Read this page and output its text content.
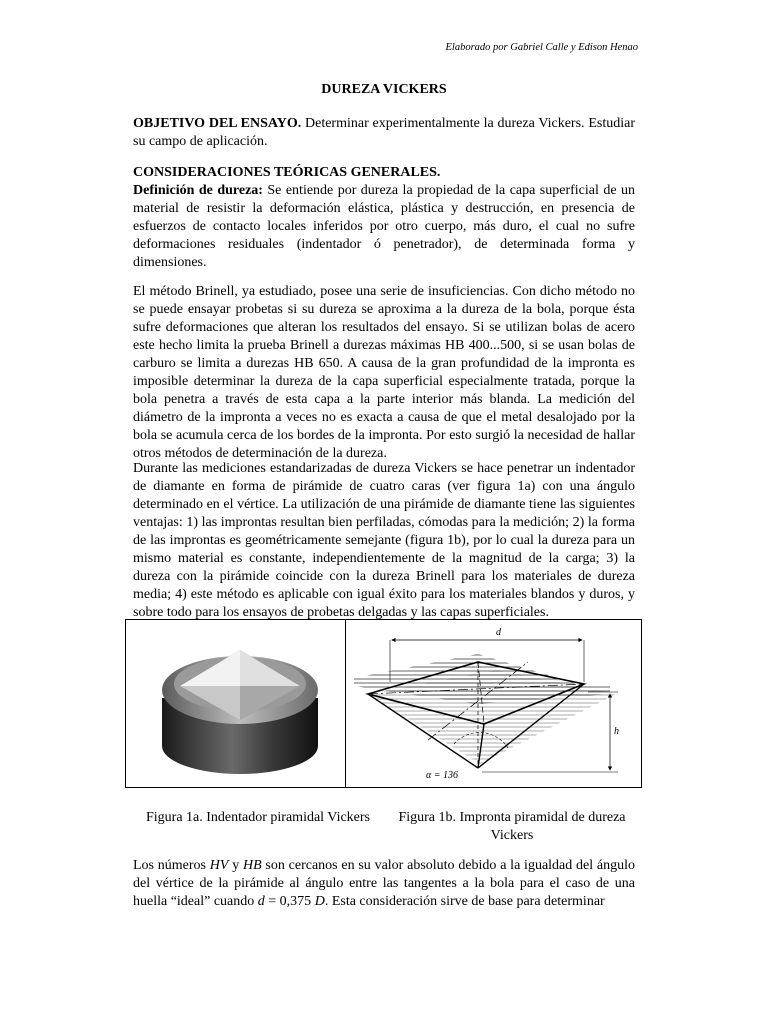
Elaborado por Gabriel Calle y Edison Henao
DUREZA VICKERS
OBJETIVO DEL ENSAYO. Determinar experimentalmente la dureza Vickers. Estudiar su campo de aplicación.
CONSIDERACIONES TEÓRICAS GENERALES.
Definición de dureza: Se entiende por dureza la propiedad de la capa superficial de un material de resistir la deformación elástica, plástica y destrucción, en presencia de esfuerzos de contacto locales inferidos por otro cuerpo, más duro, el cual no sufre deformaciones residuales (indentador ó penetrador), de determinada forma y dimensiones.
El método Brinell, ya estudiado, posee una serie de insuficiencias. Con dicho método no se puede ensayar probetas si su dureza se aproxima a la dureza de la bola, porque ésta sufre deformaciones que alteran los resultados del ensayo. Si se utilizan bolas de acero este hecho limita la prueba Brinell a durezas máximas HB 400...500, si se usan bolas de carburo se limita a durezas HB 650. A causa de la gran profundidad de la impronta es imposible determinar la dureza de la capa superficial especialmente tratada, porque la bola penetra a través de esta capa a la parte interior más blanda. La medición del diámetro de la impronta a veces no es exacta a causa de que el metal desalojado por la bola se acumula cerca de los bordes de la impronta. Por esto surgió la necesidad de hallar otros métodos de determinación de la dureza.
Durante las mediciones estandarizadas de dureza Vickers se hace penetrar un indentador de diamante en forma de pirámide de cuatro caras (ver figura 1a) con una ángulo determinado en el vértice. La utilización de una pirámide de diamante tiene las siguientes ventajas: 1) las improntas resultan bien perfiladas, cómodas para la medición; 2) la forma de las improntas es geométricamente semejante (figura 1b), por lo cual la dureza para un mismo material es constante, independientemente de la magnitud de la carga; 3) la dureza con la pirámide coincide con la dureza Brinell para los materiales de dureza media; 4) este método es aplicable con igual éxito para los materiales blandos y duros, y sobre todo para los ensayos de probetas delgadas y las capas superficiales.
d
α = 136
h
Figura 1a. Indentador piramidal Vickers	Figura 1b. Impronta piramidal de dureza Vickers
Los números HV y HB son cercanos en su valor absoluto debido a la igualdad del ángulo del vértice de la pirámide al ángulo entre las tangentes a la bola para el caso de una huella “ideal” cuando d = 0,375 D. Esta consideración sirve de base para determinar
